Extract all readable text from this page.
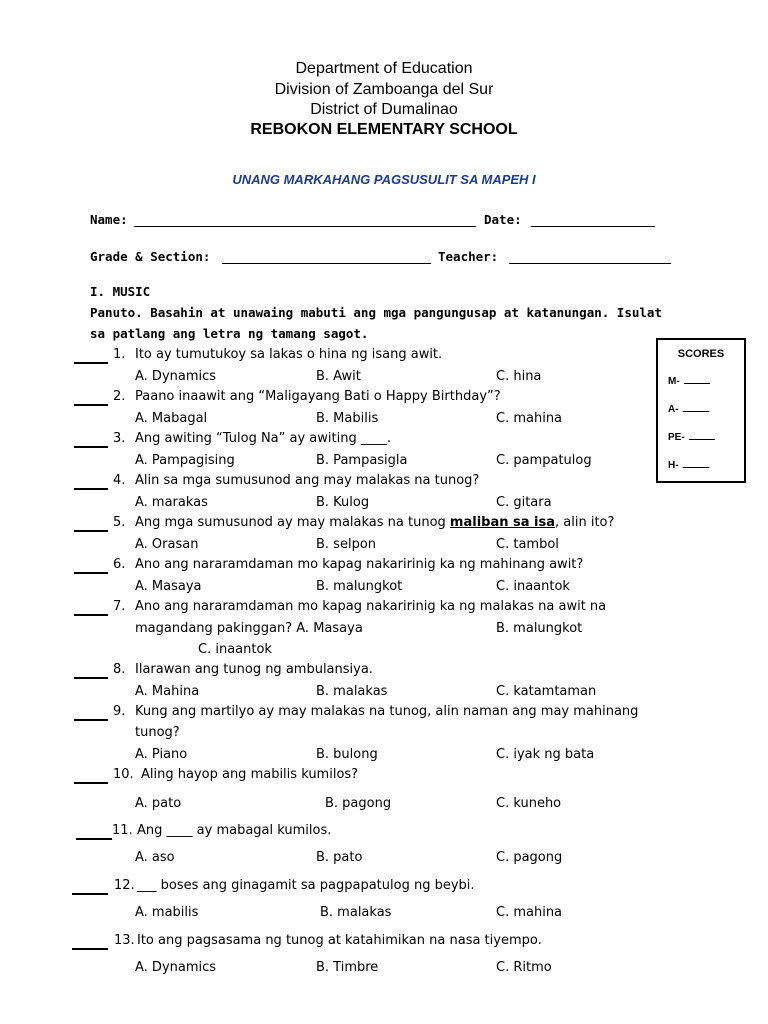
Department of Education
Division of Zamboanga del Sur
District of Dumalinao
REBOKON ELEMENTARY SCHOOL
UNANG MARKAHANG PAGSUSULIT SA MAPEH I
Name:	Date:
Grade & Section:	Teacher:
I. MUSIC
Panuto. Basahin at unawaing mabuti ang mga pangungusap at katanungan. Isulat
sa patlang ang letra ng tamang sagot.
SCORES
M-
A-
PE-
H-
1. Ito ay tumutukoy sa lakas o hina ng isang awit.
A. Dynamics	B. Awit	C. hina
2. Paano inaawit ang “Maligayang Bati o Happy Birthday”?
A. Mabagal	B. Mabilis	C. mahina
3. Ang awiting “Tulog Na” ay awiting ____.
A. Pampagising	B. Pampasigla	C. pampatulog
4. Alin sa mga sumusunod ang may malakas na tunog?
A. marakas	B. Kulog	C. gitara
5. Ang mga sumusunod ay may malakas na tunog maliban sa isa, alin ito?
A. Orasan	B. selpon	C. tambol
6. Ano ang nararamdaman mo kapag nakaririnig ka ng mahinang awit?
A. Masaya	B. malungkot	C. inaantok
7. Ano ang nararamdaman mo kapag nakaririnig ka ng malakas na awit na
magandang pakinggan? A. Masaya	B. malungkot
C. inaantok
8. Ilarawan ang tunog ng ambulansiya.
A. Mahina	B. malakas	C. katamtaman
9. Kung ang martilyo ay may malakas na tunog, alin naman ang may mahinang
tunog?
A. Piano	B. bulong	C. iyak ng bata
10. Aling hayop ang mabilis kumilos?
A. pato	B. pagong	C. kuneho
11. Ang ____ ay mabagal kumilos.
A. aso	B. pato	C. pagong
12. ___ boses ang ginagamit sa pagpapatulog ng beybi.
A. mabilis	B. malakas	C. mahina
13. Ito ang pagsasama ng tunog at katahimikan na nasa tiyempo.
A. Dynamics	B. Timbre	C. Ritmo
